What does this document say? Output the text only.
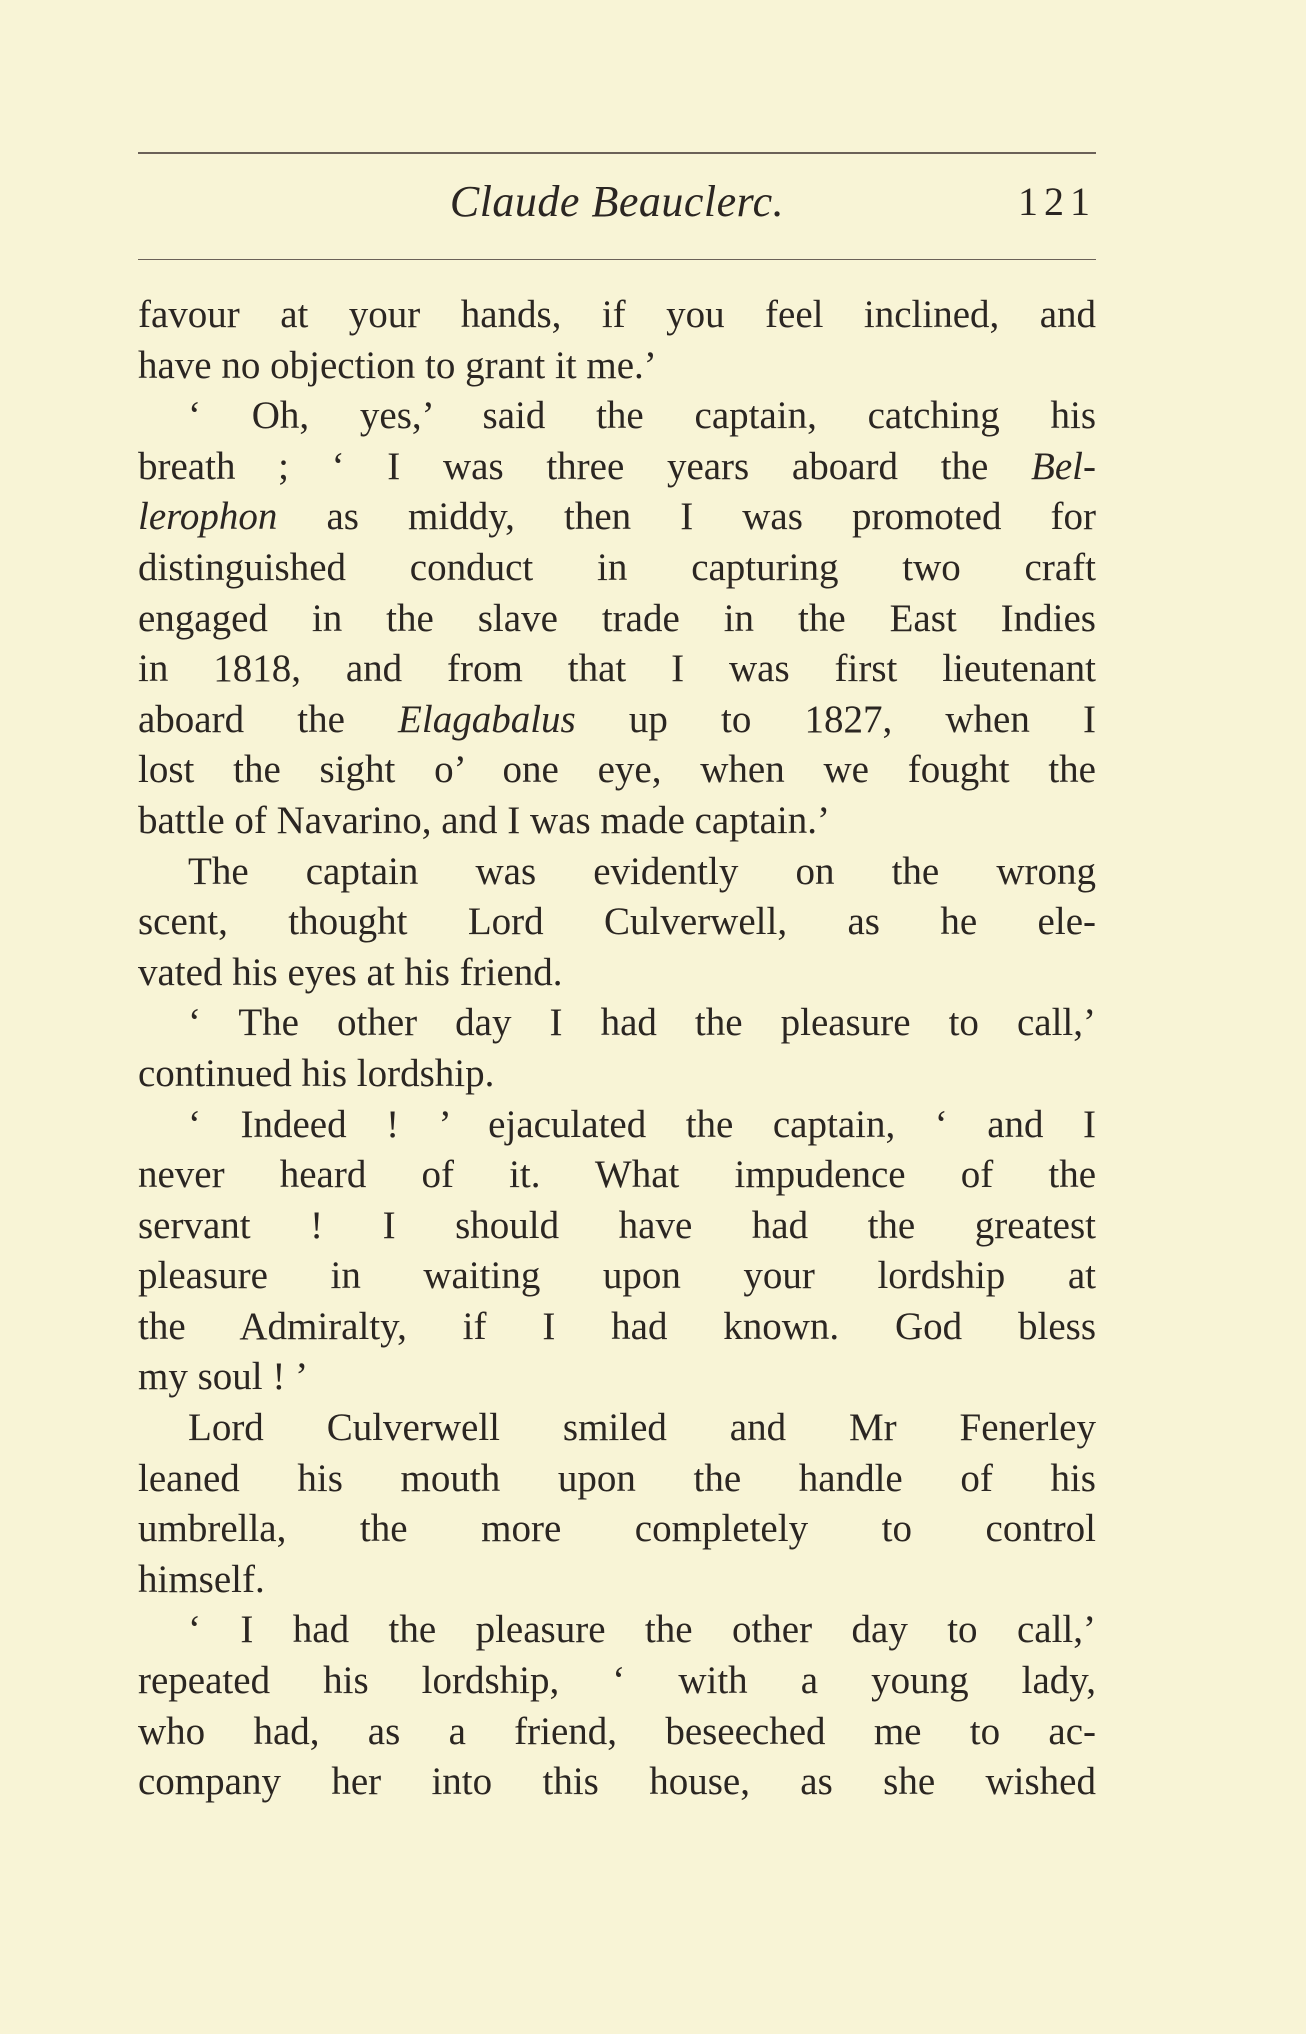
Claude Beauclerc.	121
favour at your hands, if you feel inclined, and
have no objection to grant it me.’
‘ Oh, yes,’ said the captain, catching his
breath ; ‘ I was three years aboard the Bel-
lerophon as middy, then I was promoted for
distinguished conduct in capturing two craft
engaged in the slave trade in the East Indies
in 1818, and from that I was first lieutenant
aboard the Elagabalus up to 1827, when I
lost the sight o’ one eye, when we fought the
battle of Navarino, and I was made captain.’
The captain was evidently on the wrong
scent, thought Lord Culverwell, as he ele-
vated his eyes at his friend.
‘ The other day I had the pleasure to call,’
continued his lordship.
‘ Indeed ! ’ ejaculated the captain, ‘ and I
never heard of it. What impudence of the
servant ! I should have had the greatest
pleasure in waiting upon your lordship at
the Admiralty, if I had known. God bless
my soul ! ’
Lord Culverwell smiled and Mr Fenerley
leaned his mouth upon the handle of his
umbrella, the more completely to control
himself.
‘ I had the pleasure the other day to call,’
repeated his lordship, ‘ with a young lady,
who had, as a friend, beseeched me to ac-
company her into this house, as she wished
